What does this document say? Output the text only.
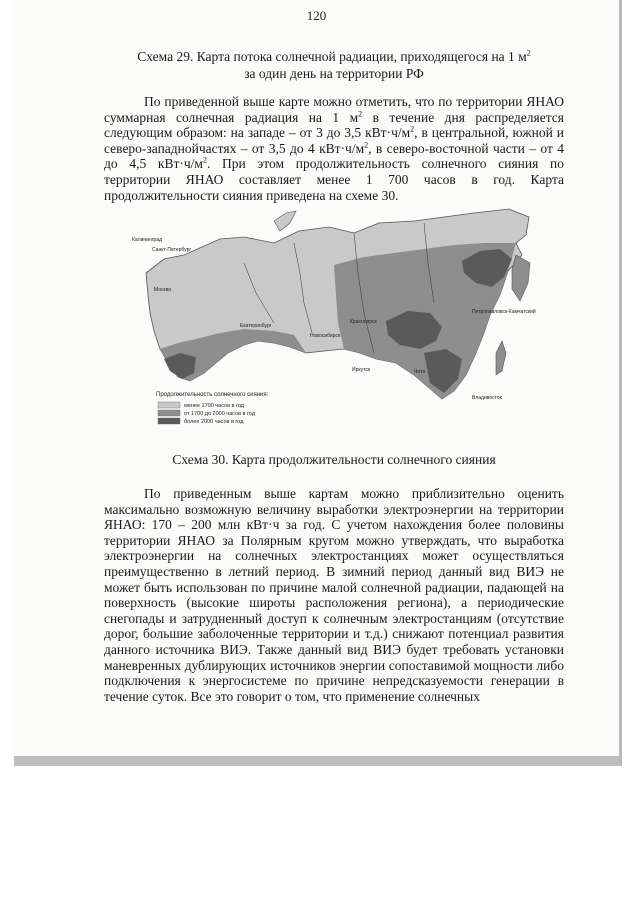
120
Схема 29. Карта потока солнечной радиации, приходящегося на 1 $м^2$
за один день на территории РФ

По приведенной выше карте можно отметить, что по территории ЯНАО суммарная солнечная радиация на 1 $м^2$ в течение дня распределяется следующим образом: на западе – от 3 до 3,5 $кВт\cdot ч/м^2$, в центральной, южной и северо-западнойчастях – от 3,5 до 4 $кВт\cdot ч/м^2$, в северо-восточной части – от 4 до 4,5 $кВт\cdot ч/м^2$. При этом продолжительность солнечного сияния по территории ЯНАО составляет менее 1 700 часов в год. Карта продолжительности сияния приведена на схеме 30.

Калининград
Санкт-Петербург
Москва
Екатеринбург
Новосибирск
Красноярск
Иркутск	Чита
Петропавловск-Камчатский
Владивосток
Продолжительность солнечного сияния:
менее 1700 часов в год
от 1700 до 2000 часов в год
более 2000 часов в год
Схема 30. Карта продолжительности солнечного сияния

По приведенным выше картам можно приблизительно оценить максимально возможную величину выработки электроэнергии на территории ЯНАО: 170 – 200 млн кВт·ч за год. С учетом нахождения более половины территории ЯНАО за Полярным кругом можно утверждать, что выработка электроэнергии на солнечных электростанциях может осуществляться преимущественно в летний период. В зимний период данный вид ВИЭ не может быть использован по причине малой солнечной радиации, падающей на поверхность (высокие широты расположения региона), а периодические снегопады и затрудненный доступ к солнечным электростанциям (отсутствие дорог, большие заболоченные территории и т.д.) снижают потенциал развития данного источника ВИЭ. Также данный вид ВИЭ будет требовать установки маневренных дублирующих источников энергии сопоставимой мощности либо подключения к энергосистеме по причине непредсказуемости генерации в течение суток. Все это говорит о том, что применение солнечных
